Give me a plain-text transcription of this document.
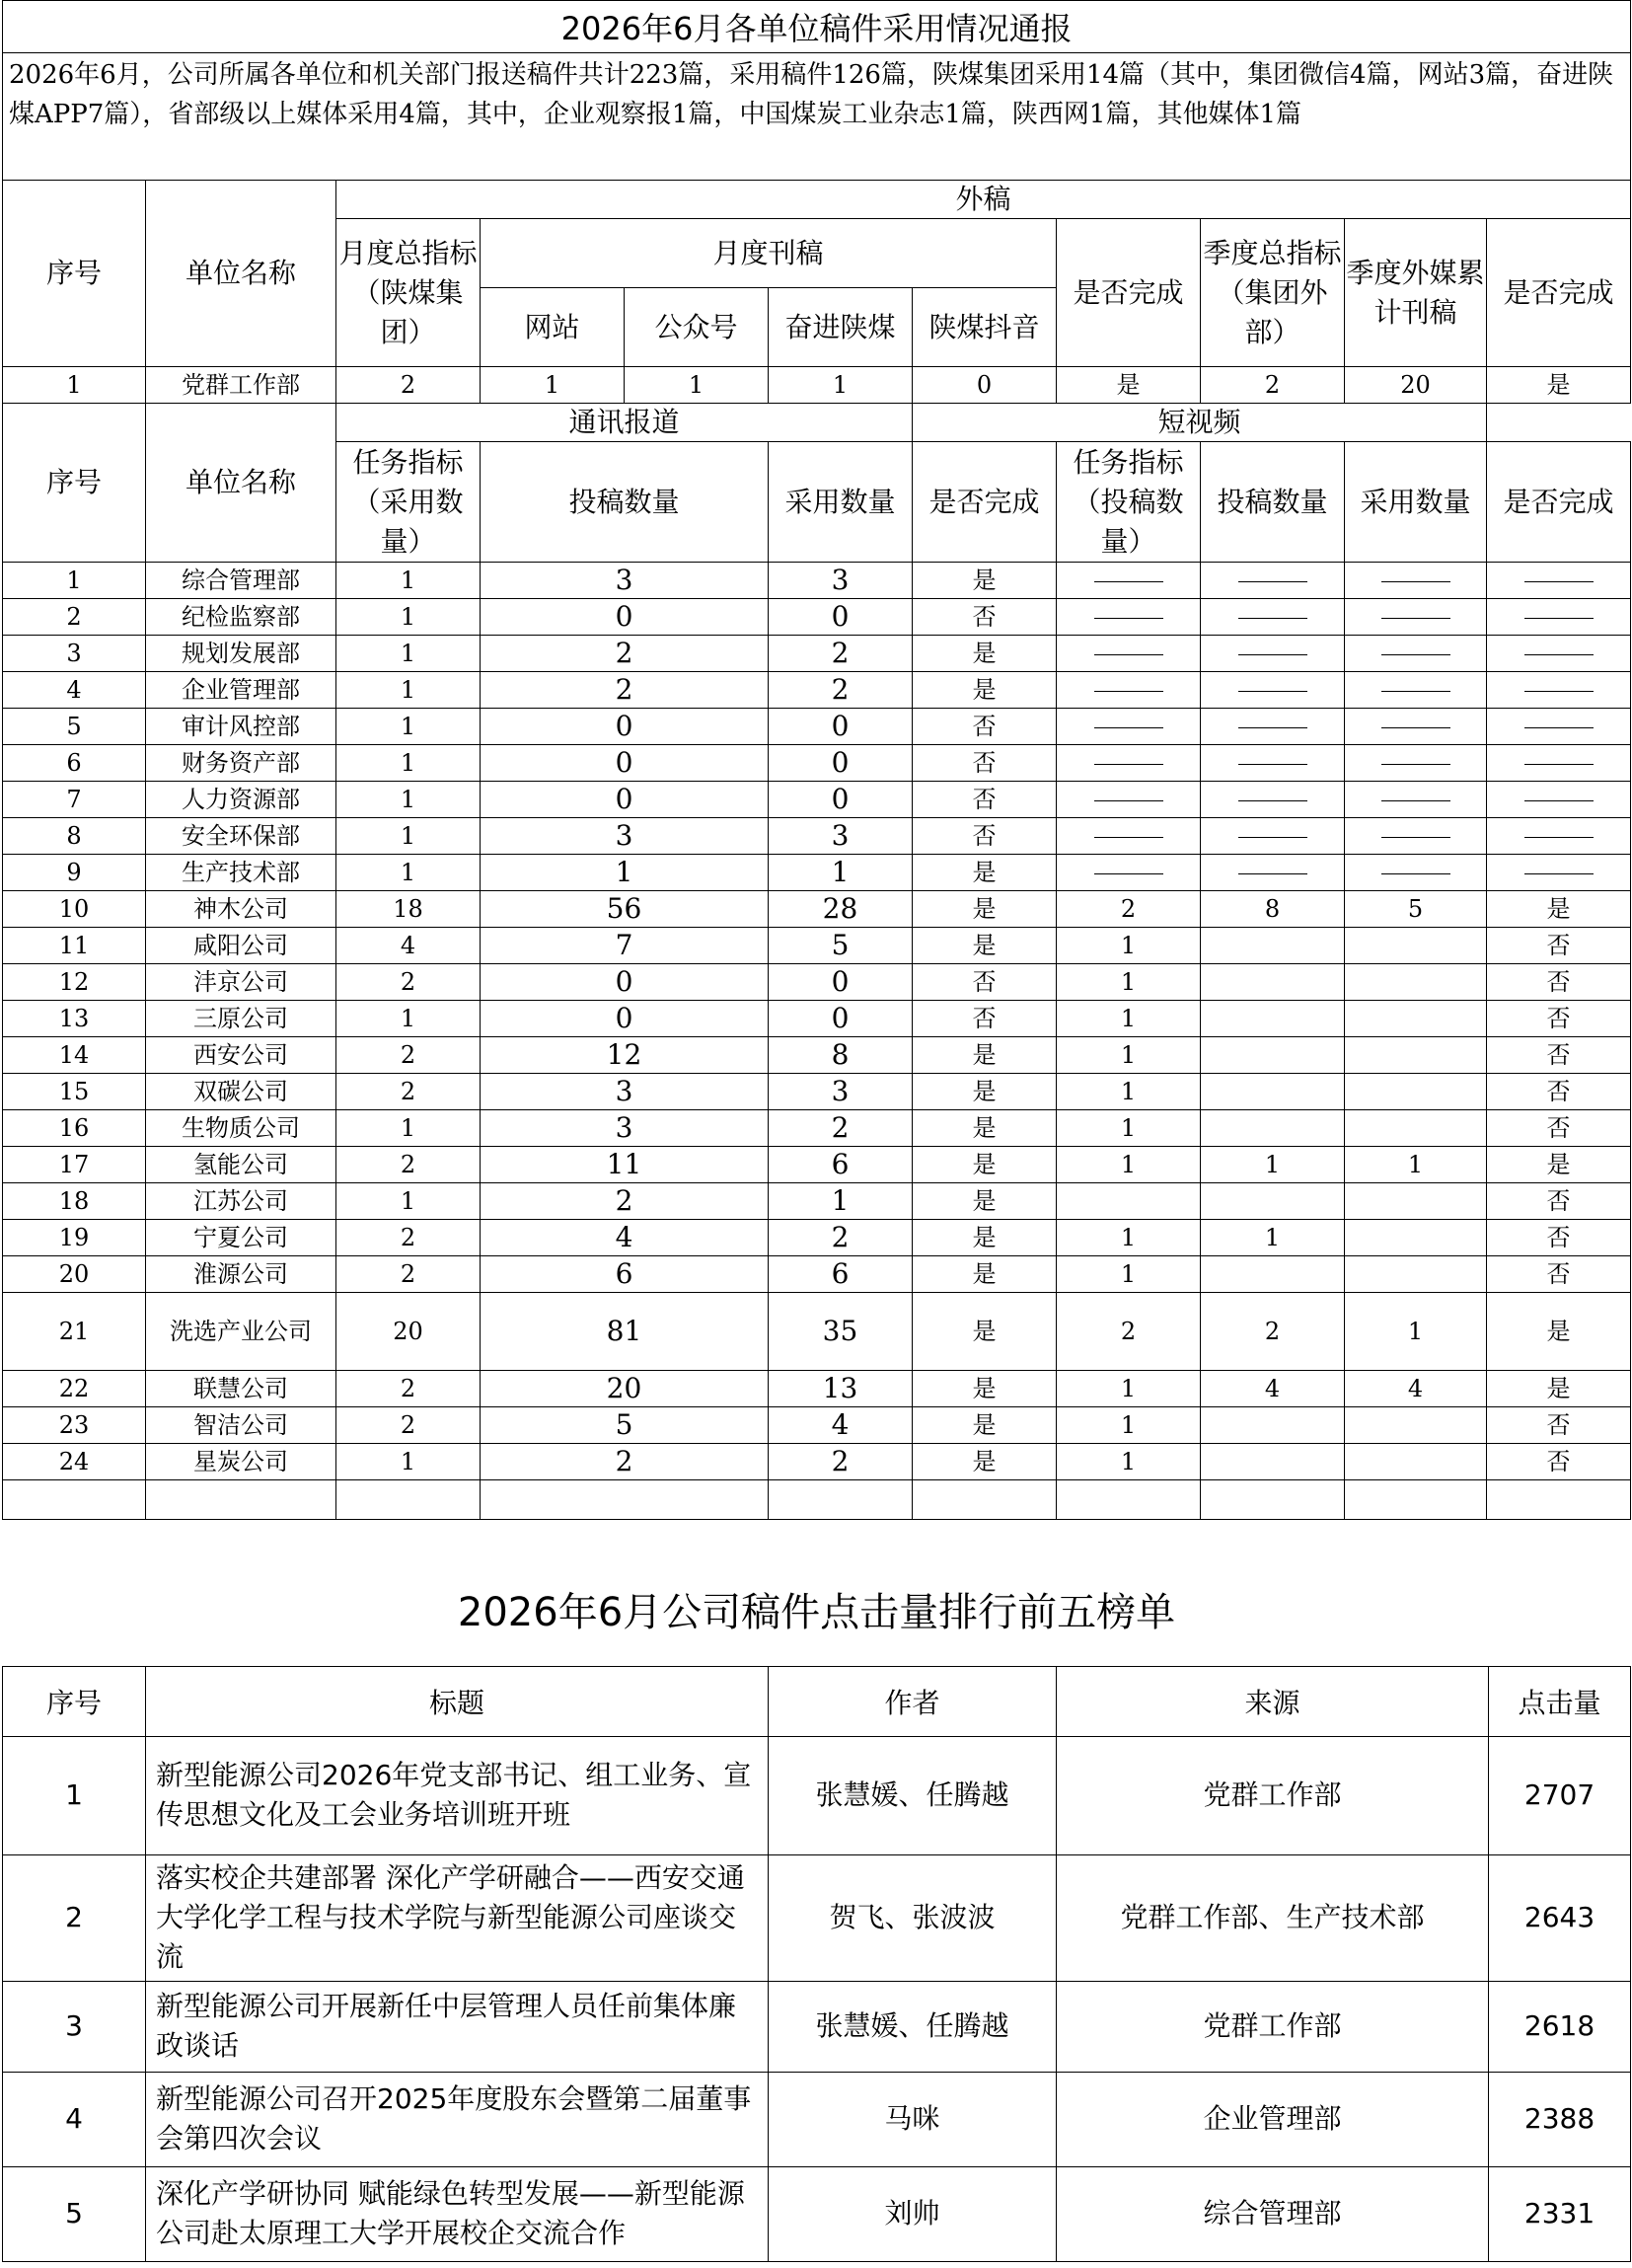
2026年6月各单位稿件采用情况通报										
2026年6月，公司所属各单位和机关部门报送稿件共计223篇，采用稿件126篇，陕煤集团采用14篇（其中，集团微信4篇，网站3篇，奋进陕煤APP7篇），省部级以上媒体采用4篇，其中，企业观察报1篇，中国煤炭工业杂志1篇，陕西网1篇，其他媒体1篇										
序号	单位名称	外稿								
		月度总指标（陕煤集团）	月度刊稿				是否完成	季度总指标（集团外部）	季度外媒累计刊稿	是否完成
			网站	公众号	奋进陕煤	陕煤抖音				
1	党群工作部	2	1	1	1	0	是	2	20	是
序号	单位名称	通讯报道				短视频				
		任务指标（采用数量）	投稿数量		采用数量	是否完成	任务指标（投稿数量）	投稿数量	采用数量	是否完成
1	综合管理部	1	3		3	是				
2	纪检监察部	1	0		0	否				
3	规划发展部	1	2		2	是				
4	企业管理部	1	2		2	是				
5	审计风控部	1	0		0	否				
6	财务资产部	1	0		0	否				
7	人力资源部	1	0		0	否				
8	安全环保部	1	3		3	否				
9	生产技术部	1	1		1	是				
10	神木公司	18	56		28	是	2	8	5	是
11	咸阳公司	4	7		5	是	1			否
12	沣京公司	2	0		0	否	1			否
13	三原公司	1	0		0	否	1			否
14	西安公司	2	12		8	是	1			否
15	双碳公司	2	3		3	是	1			否
16	生物质公司	1	3		2	是	1			否
17	氢能公司	2	11		6	是	1	1	1	是
18	江苏公司	1	2		1	是				否
19	宁夏公司	2	4		2	是	1	1		否
20	淮源公司	2	6		6	是	1			否
21	洗选产业公司	20	81		35	是	2	2	1	是
22	联慧公司	2	20		13	是	1	4	4	是
23	智洁公司	2	5		4	是	1			否
24	星炭公司	1	2		2	是	1			否

2026年6月公司稿件点击量排行前五榜单				
序号	标题	作者	来源	点击量
1	新型能源公司2026年党支部书记、组工业务、宣传思想文化及工会业务培训班开班	张慧媛、任腾越	党群工作部	2707
2	落实校企共建部署 深化产学研融合——西安交通大学化学工程与技术学院与新型能源公司座谈交流	贺飞、张波波	党群工作部、生产技术部	2643
3	新型能源公司开展新任中层管理人员任前集体廉政谈话	张慧媛、任腾越	党群工作部	2618
4	新型能源公司召开2025年度股东会暨第二届董事会第四次会议	马咪	企业管理部	2388
5	深化产学研协同 赋能绿色转型发展——新型能源公司赴太原理工大学开展校企交流合作	刘帅	综合管理部	2331
